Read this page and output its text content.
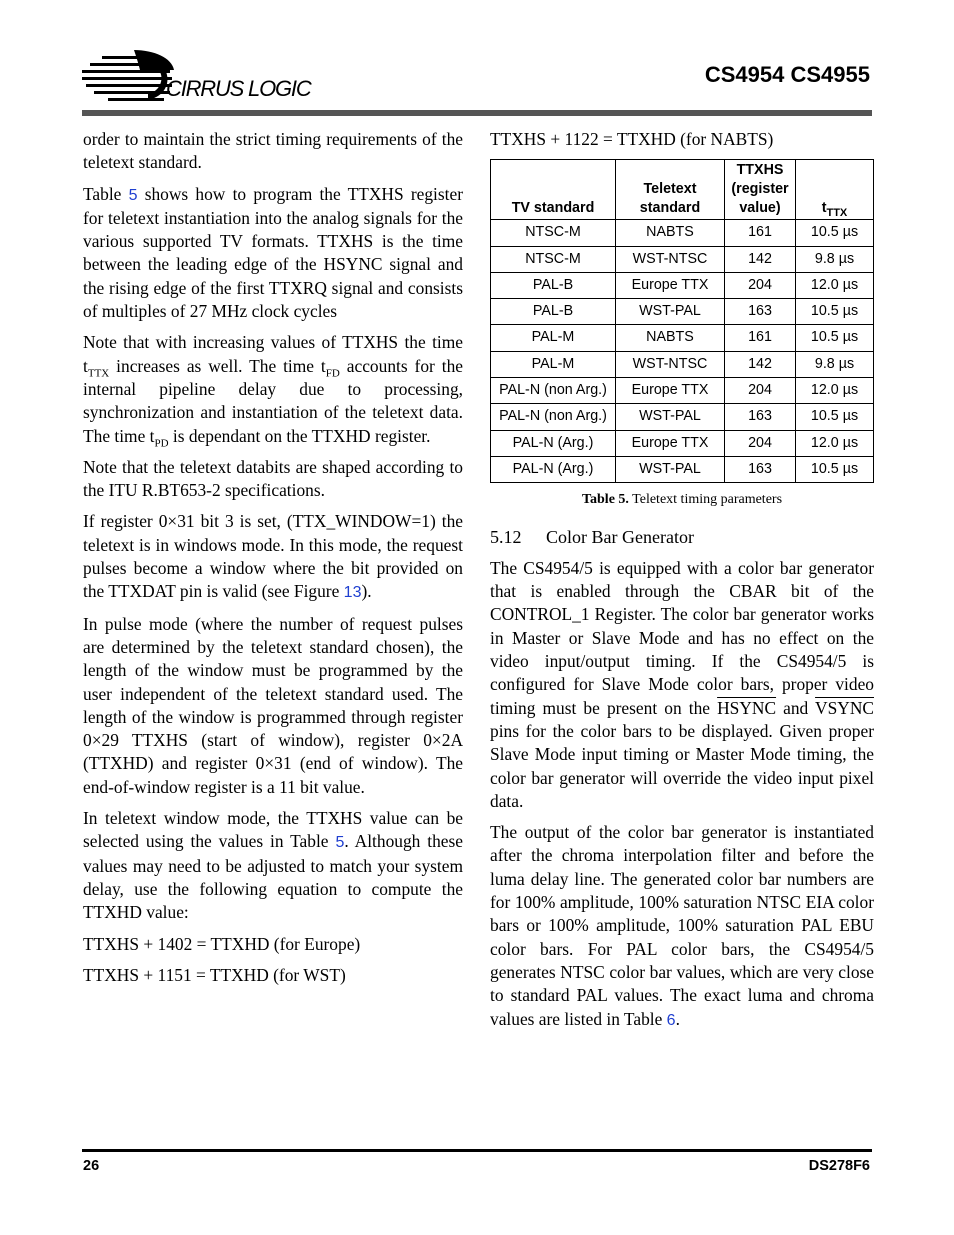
CIRRUS LOGIC
CS4954 CS4955

order to maintain the strict timing requirements of the teletext standard.

Table 5 shows how to program the TTXHS register for teletext instantiation into the analog signals for the various supported TV formats. TTXHS is the time between the leading edge of the HSYNC signal and the rising edge of the first TTXRQ signal and consists of multiples of 27 MHz clock cycles

Note that with increasing values of TTXHS the time $t_{TTX}$ increases as well. The time $t_{FD}$ accounts for the internal pipeline delay due to processing, synchronization and instantiation of the teletext data. The time $t_{PD}$ is dependant on the TTXHD register.

Note that the teletext databits are shaped according to the ITU R.BT653-2 specifications.

If register 0×31 bit 3 is set, (TTX_WINDOW=1) the teletext is in windows mode. In this mode, the request pulses become a window where the bit provided on the TTXDAT pin is valid (see Figure 13).

In pulse mode (where the number of request pulses are determined by the teletext standard chosen), the length of the window must be programmed by the user independent of the teletext standard used. The length of the window is programmed through register 0×29 TTXHS (start of window), register 0×2A (TTXHD) and register 0×31 (end of window). The end-of-window register is a 11 bit value.

In teletext window mode, the TTXHS value can be selected using the values in Table 5. Although these values may need to be adjusted to match your system delay, use the following equation to compute the TTXHD value:

TTXHS + 1402 = TTXHD (for Europe)

TTXHS + 1151 = TTXHD (for WST)

TTXHS + 1122 = TTXHD (for NABTS)

TV standard	Teletext standard	TTXHS (register value)	$t_{TTX}$
NTSC-M	NABTS	161	10.5 µs
NTSC-M	WST-NTSC	142	9.8 µs
PAL-B	Europe TTX	204	12.0 µs
PAL-B	WST-PAL	163	10.5 µs
PAL-M	NABTS	161	10.5 µs
PAL-M	WST-NTSC	142	9.8 µs
PAL-N (non Arg.)	Europe TTX	204	12.0 µs
PAL-N (non Arg.)	WST-PAL	163	10.5 µs
PAL-N (Arg.)	Europe TTX	204	12.0 µs
PAL-N (Arg.)	WST-PAL	163	10.5 µs
Table 5. Teletext timing parameters
5.12 Color Bar Generator

The CS4954/5 is equipped with a color bar generator that is enabled through the CBAR bit of the CONTROL_1 Register. The color bar generator works in Master or Slave Mode and has no effect on the video input/output timing. If the CS4954/5 is configured for Slave Mode color bars, proper video timing must be present on the HSYNC and VSYNC pins for the color bars to be displayed. Given proper Slave Mode input timing or Master Mode timing, the color bar generator will override the video input pixel data.

The output of the color bar generator is instantiated after the chroma interpolation filter and before the luma delay line. The generated color bar numbers are for 100% amplitude, 100% saturation NTSC EIA color bars or 100% amplitude, 100% saturation PAL EBU color bars. For PAL color bars, the CS4954/5 generates NTSC color bar values, which are very close to standard PAL values. The exact luma and chroma values are listed in Table 6.

26	DS278F6
